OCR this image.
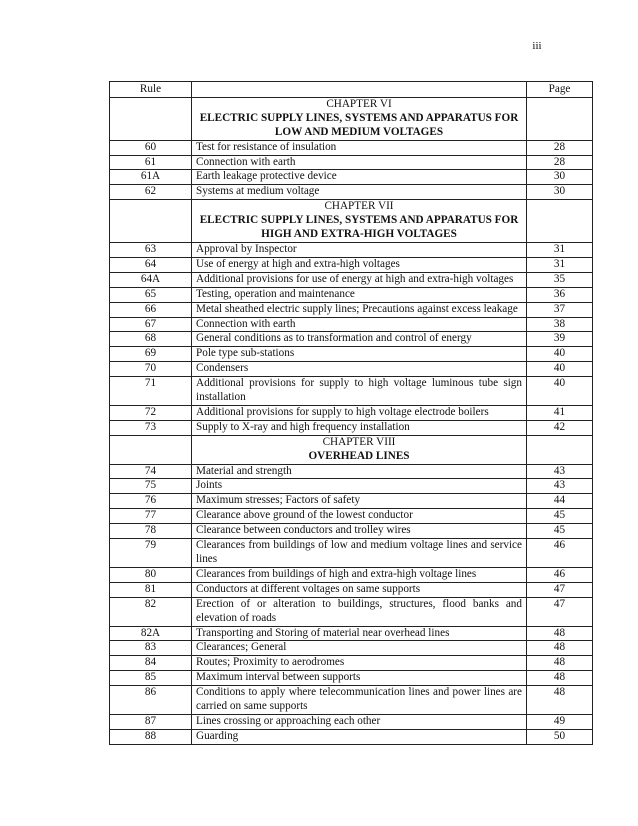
iii
Rule		Page

	CHAPTER VI
ELECTRIC SUPPLY LINES, SYSTEMS AND APPARATUS FOR LOW AND MEDIUM VOLTAGES	

60	Test for resistance of insulation	28
61	Connection with earth	28
61A	Earth leakage protective device	30
62	Systems at medium voltage	30

	CHAPTER VII
ELECTRIC SUPPLY LINES, SYSTEMS AND APPARATUS FOR HIGH AND EXTRA-HIGH VOLTAGES	

63	Approval by Inspector	31
64	Use of energy at high and extra-high voltages	31
64A	Additional provisions for use of energy at high and extra-high voltages	35
65	Testing, operation and maintenance	36
66	Metal sheathed electric supply lines; Precautions against excess leakage	37
67	Connection with earth	38
68	General conditions as to transformation and control of energy	39
69	Pole type sub-stations	40
70	Condensers	40
71	Additional provisions for supply to high voltage luminous tube sign installation	40
72	Additional provisions for supply to high voltage electrode boilers	41
73	Supply to X-ray and high frequency installation	42

	CHAPTER VIII
OVERHEAD LINES	

74	Material and strength	43
75	Joints	43
76	Maximum stresses; Factors of safety	44
77	Clearance above ground of the lowest conductor	45
78	Clearance between conductors and trolley wires	45
79	Clearances from buildings of low and medium voltage lines and service lines	46
80	Clearances from buildings of high and extra-high voltage lines	46
81	Conductors at different voltages on same supports	47
82	Erection of or alteration to buildings, structures, flood banks and elevation of roads	47
82A	Transporting and Storing of material near overhead lines	48
83	Clearances; General	48
84	Routes; Proximity to aerodromes	48
85	Maximum interval between supports	48
86	Conditions to apply where telecommunication lines and power lines are carried on same supports	48
87	Lines crossing or approaching each other	49
88	Guarding	50
